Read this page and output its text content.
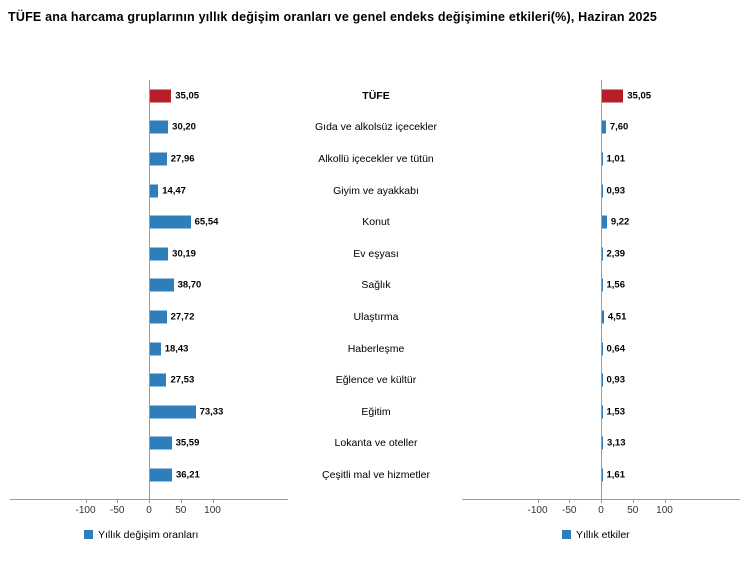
TÜFE ana harcama gruplarının yıllık değişim oranları ve genel endeks değişimine etkileri(%), Haziran 2025
35,05	TÜFE	35,05
30,20	Gıda ve alkolsüz içecekler	7,60
27,96	Alkollü içecekler ve tütün	1,01
14,47	Giyim ve ayakkabı	0,93
65,54	Konut	9,22
30,19	Ev eşyası	2,39
38,70	Sağlık	1,56
27,72	Ulaştırma	4,51
18,43	Haberleşme	0,64
27,53	Eğlence ve kültür	0,93
73,33	Eğitim	1,53
35,59	Lokanta ve oteller	3,13
36,21	Çeşitli mal ve hizmetler	1,61
-100 -50 0 50 100	-100 -50 0 50 100
Yıllık değişim oranları	Yıllık etkiler
